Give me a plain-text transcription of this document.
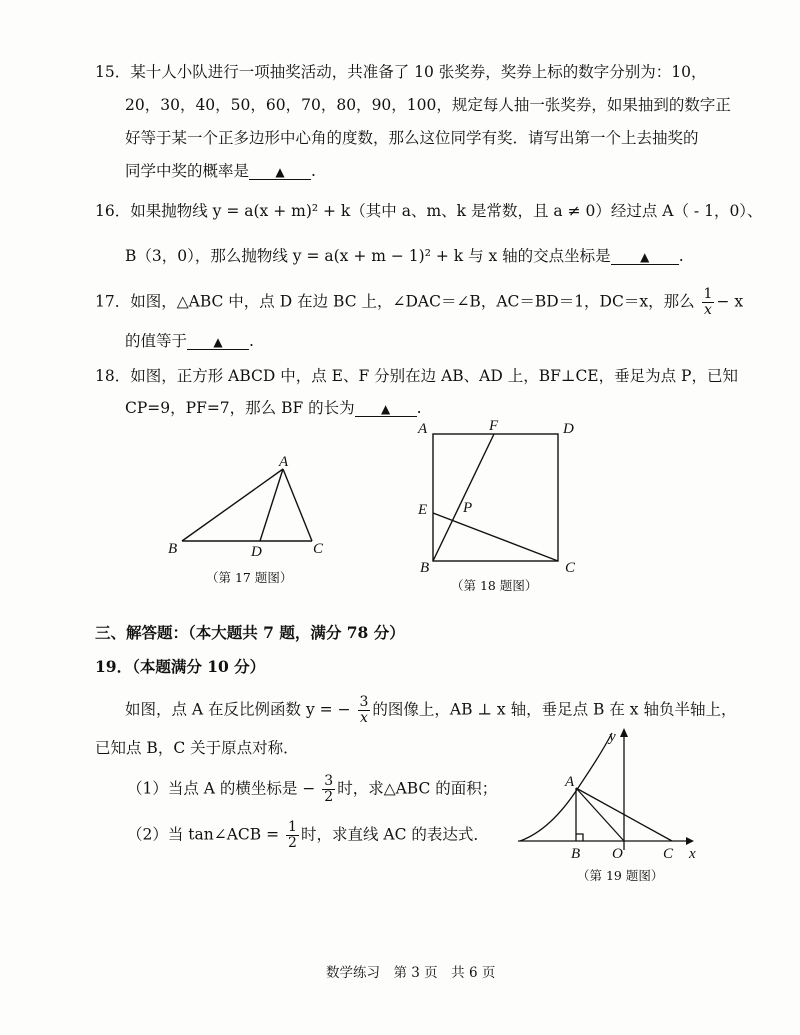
15．某十人小队进行一项抽奖活动，共准备了 10 张奖券，奖券上标的数字分别为：10，
20，30，40，50，60，70，80，90，100，规定每人抽一张奖券，如果抽到的数字正
好等于某一个正多边形中心角的度数，那么这位同学有奖．请写出第一个上去抽奖的
同学中奖的概率是 ▲ .
16．如果抛物线 y = a(x + m)² + k（其中 a、m、k 是常数，且 a ≠ 0）经过点 A（ - 1，0）、
B（3，0），那么抛物线 y = a(x + m − 1)² + k 与 x 轴的交点坐标是 ▲ .
17．如图，△ABC 中，点 D 在边 BC 上，∠DAC＝∠B，AC＝BD＝1，DC＝x，那么 $\frac{1}{x} - x$
的值等于 ▲ .
18．如图，正方形 ABCD 中，点 E、F 分别在边 AB、AD 上，BF⊥CE，垂足为点 P，已知
CP=9，PF=7，那么 BF 的长为 ▲ .
A
B	D	C
A	F	D
E P
B	C
y
A
B O	C x
（第 17 题图）
（第 18 题图）
三、解答题：（本大题共 7 题，满分 78 分）
19．（本题满分 10 分）
如图，点 A 在反比例函数 y = − $\frac{3}{x}$ 的图像上，AB ⊥ x 轴，垂足点 B 在 x 轴负半轴上，
已知点 B，C 关于原点对称．
（1）当点 A 的横坐标是 − $\frac{3}{2}$ 时，求△ABC 的面积；
（2）当 tan∠ACB = $\frac{1}{2}$ 时，求直线 AC 的表达式．
（第 19 题图）
数学练习　第 3 页　共 6 页
